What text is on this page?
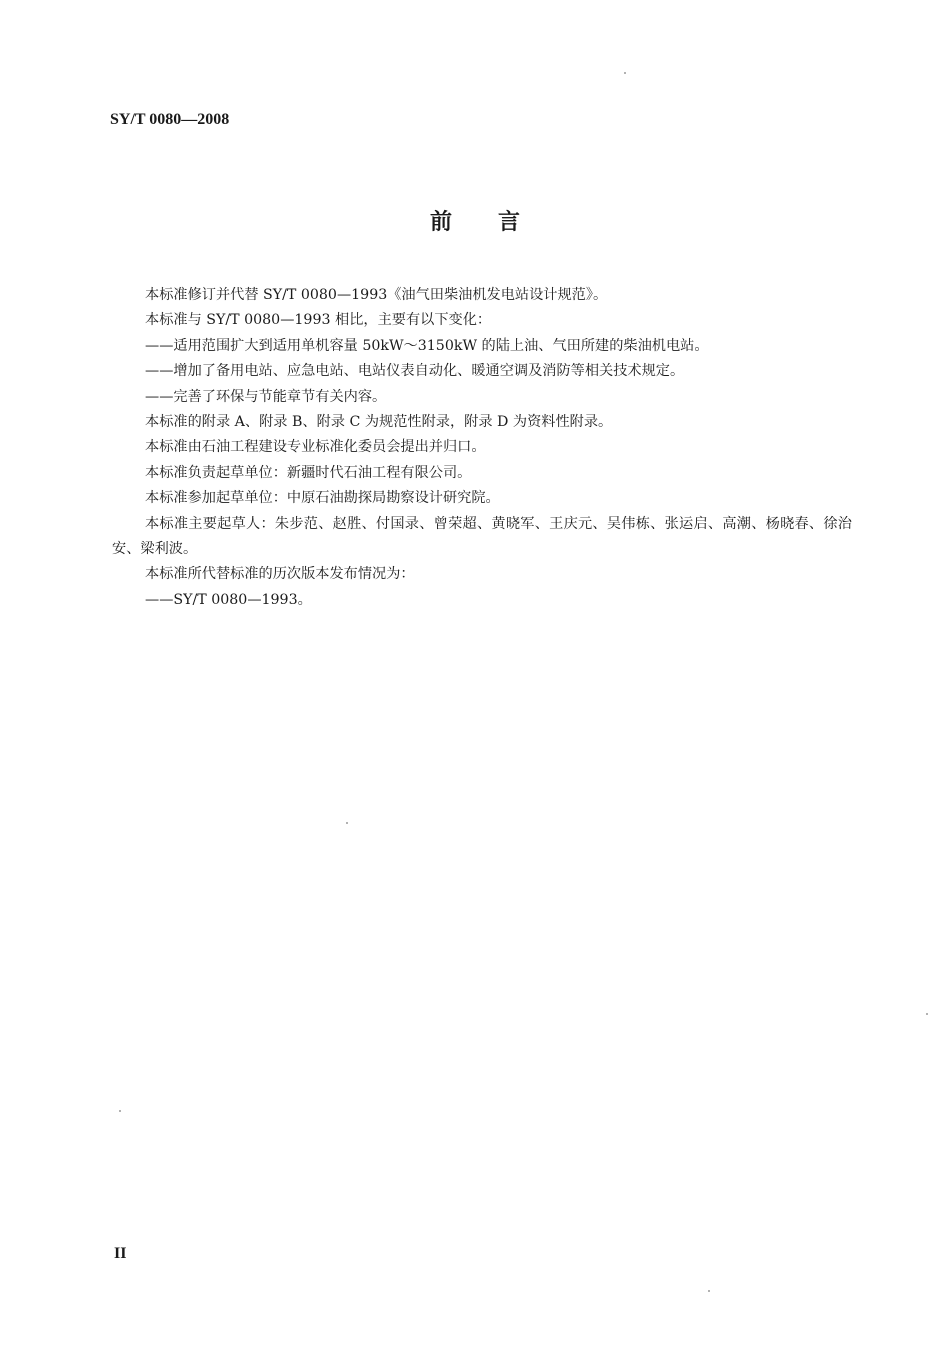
SY/T 0080—2008
前 言

本标准修订并代替 SY/T 0080—1993《油气田柴油机发电站设计规范》。

本标准与 SY/T 0080—1993 相比，主要有以下变化：

——适用范围扩大到适用单机容量 50kW～3150kW 的陆上油、气田所建的柴油机电站。

——增加了备用电站、应急电站、电站仪表自动化、暖通空调及消防等相关技术规定。

——完善了环保与节能章节有关内容。

本标准的附录 A、附录 B、附录 C 为规范性附录，附录 D 为资料性附录。

本标准由石油工程建设专业标准化委员会提出并归口。

本标准负责起草单位：新疆时代石油工程有限公司。

本标准参加起草单位：中原石油勘探局勘察设计研究院。

本标准主要起草人：朱步范、赵胜、付国录、曾荣超、黄晓军、王庆元、吴伟栋、张运启、高潮、杨晓春、徐治安、梁利波。

本标准所代替标准的历次版本发布情况为：

——SY/T 0080—1993。

II
